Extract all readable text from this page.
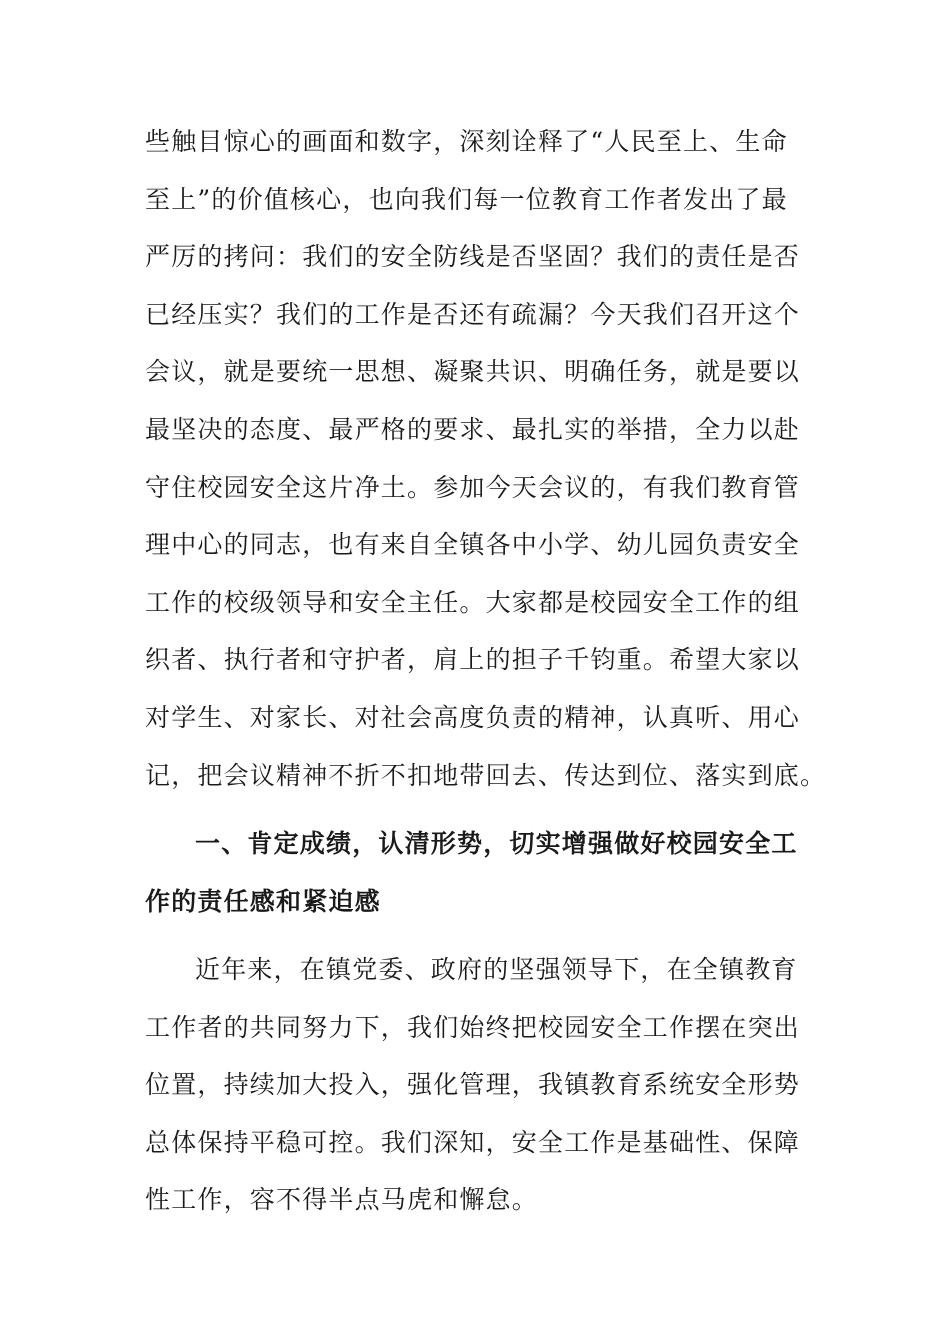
些触目惊心的画面和数字，深刻诠释了“人民至上、生命
至上”的价值核心，也向我们每一位教育工作者发出了最
严厉的拷问：我们的安全防线是否坚固？我们的责任是否
已经压实？我们的工作是否还有疏漏？今天我们召开这个
会议，就是要统一思想、凝聚共识、明确任务，就是要以
最坚决的态度、最严格的要求、最扎实的举措，全力以赴
守住校园安全这片净土。参加今天会议的，有我们教育管
理中心的同志，也有来自全镇各中小学、幼儿园负责安全
工作的校级领导和安全主任。大家都是校园安全工作的组
织者、执行者和守护者，肩上的担子千钧重。希望大家以
对学生、对家长、对社会高度负责的精神，认真听、用心
记，把会议精神不折不扣地带回去、传达到位、落实到底。
一、肯定成绩，认清形势，切实增强做好校园安全工
作的责任感和紧迫感
近年来，在镇党委、政府的坚强领导下，在全镇教育
工作者的共同努力下，我们始终把校园安全工作摆在突出
位置，持续加大投入，强化管理，我镇教育系统安全形势
总体保持平稳可控。我们深知，安全工作是基础性、保障
性工作，容不得半点马虎和懈怠。
